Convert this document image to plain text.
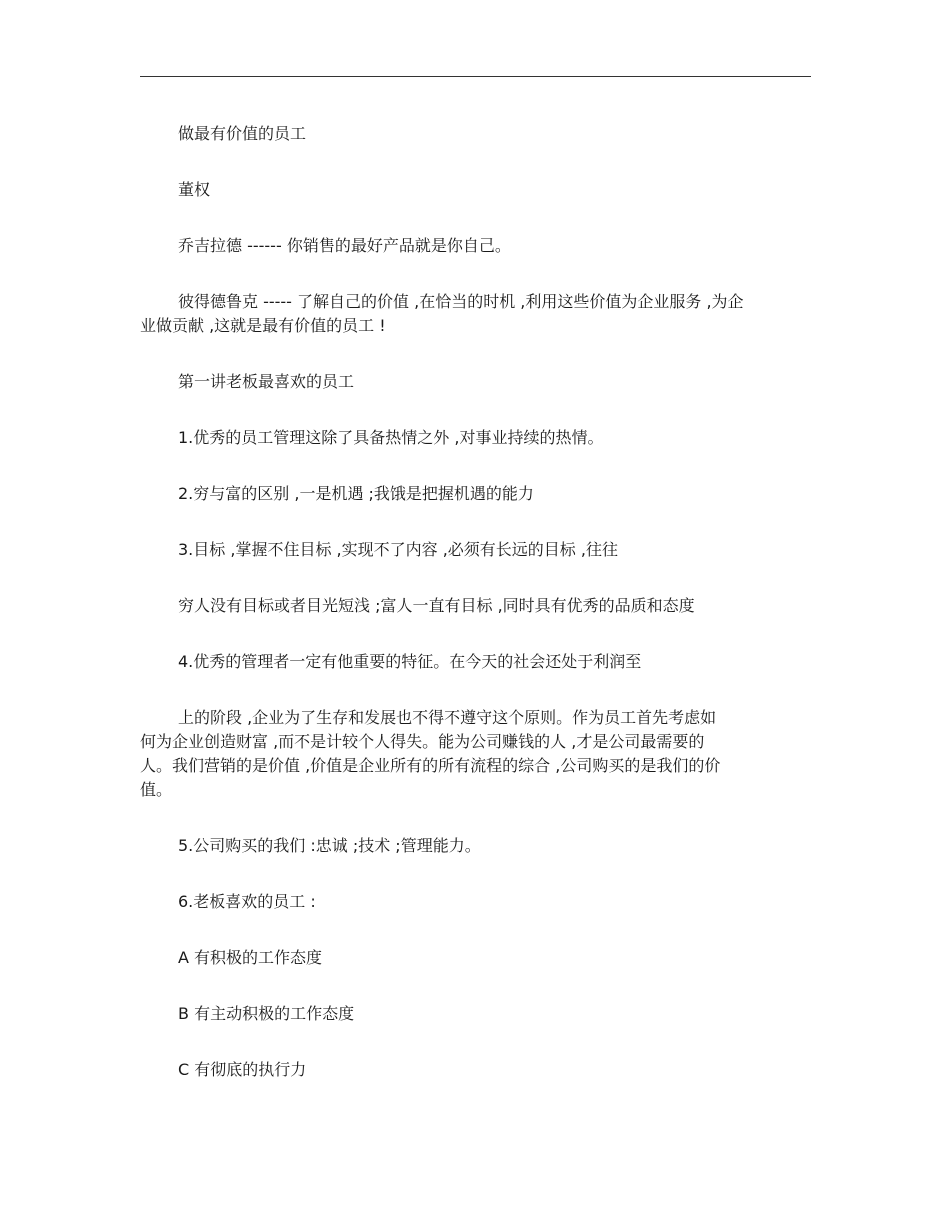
做最有价值的员工

董权

乔吉拉德 ------ 你销售的最好产品就是你自己。

彼得德鲁克 ----- 了解自己的价值 ,在恰当的时机 ,利用这些价值为企业服务 ,为企
业做贡献 ,这就是最有价值的员工 !

第一讲老板最喜欢的员工

1.优秀的员工管理这除了具备热情之外 ,对事业持续的热情。

2.穷与富的区别 ,一是机遇 ;我饿是把握机遇的能力

3.目标 ,掌握不住目标 ,实现不了内容 ,必须有长远的目标 ,往往

穷人没有目标或者目光短浅 ;富人一直有目标 ,同时具有优秀的品质和态度

4.优秀的管理者一定有他重要的特征。在今天的社会还处于利润至

上的阶段 ,企业为了生存和发展也不得不遵守这个原则。作为员工首先考虑如
何为企业创造财富 ,而不是计较个人得失。能为公司赚钱的人 ,才是公司最需要的
人。我们营销的是价值 ,价值是企业所有的所有流程的综合 ,公司购买的是我们的价
值。

5.公司购买的我们 :忠诚 ;技术 ;管理能力。

6.老板喜欢的员工 :

A 有积极的工作态度

B 有主动积极的工作态度

C 有彻底的执行力
